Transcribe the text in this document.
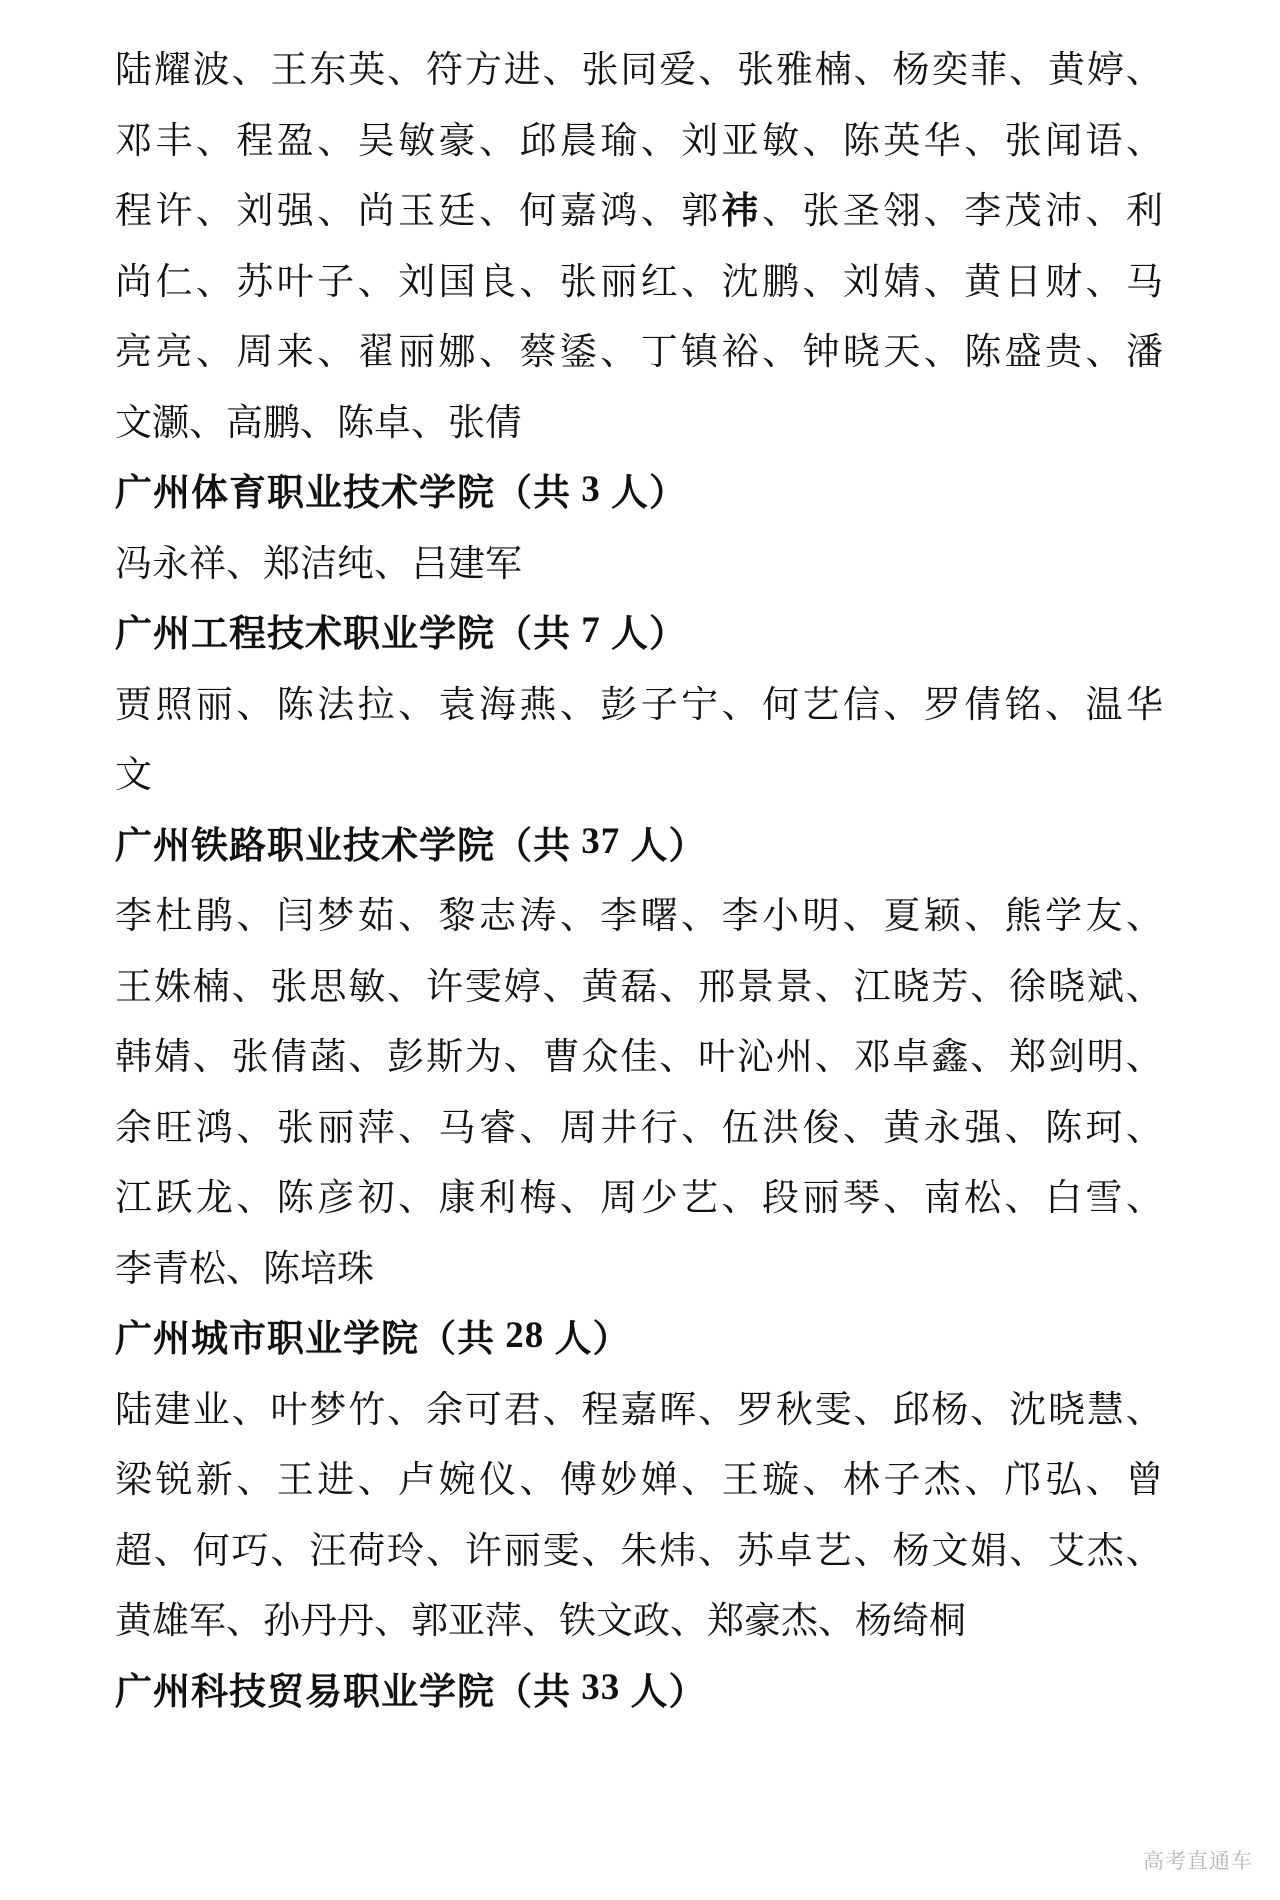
陆 耀 波 、 王 东 英 、 符 方 进 、 张 同 爱 、 张 雅 楠 、 杨 奕 菲 、 黄 婷 、
邓 丰 、 程 盈 、 吴 敏 豪 、 邱 晨 瑜 、 刘 亚 敏 、 陈 英 华 、 张 闻 语 、
程 许 、 刘 强 、 尚 玉 廷 、 何 嘉 鸿 、 郭 祎 、 张 圣 翎 、 李 茂 沛 、 利
尚 仁 、 苏 叶 子 、 刘 国 良 、 张 丽 红 、 沈 鹏 、 刘 婧 、 黄 日 财 、 马
亮 亮 、 周 来 、 翟 丽 娜 、 蔡 鋈 、 丁 镇 裕 、 钟 晓 天 、 陈 盛 贵 、 潘
文 灏 、 高 鹏 、 陈 卓 、 张 倩
广 州 体 育 职 业 技 术 学 院 （ 共
3
人 ）
冯 永 祥 、 郑 洁 纯 、 吕 建 军
广 州 工 程 技 术 职 业 学 院 （ 共
7
人 ）
贾 照 丽 、 陈 法 拉 、 袁 海 燕 、 彭 子 宁 、 何 艺 信 、 罗 倩 铭 、 温 华
文
广 州 铁 路 职 业 技 术 学 院 （ 共
37
人 ）
李 杜 鹃 、 闫 梦 茹 、 黎 志 涛 、 李 曙 、 李 小 明 、 夏 颖 、 熊 学 友 、
王 姝 楠 、 张 思 敏 、 许 雯 婷 、 黄 磊 、 邢 景 景 、 江 晓 芳 、 徐 晓 斌 、
韩 婧 、 张 倩 菡 、 彭 斯 为 、 曹 众 佳 、 叶 沁 州 、 邓 卓 鑫 、 郑 剑 明 、
余 旺 鸿 、 张 丽 萍 、 马 睿 、 周 井 行 、 伍 洪 俊 、 黄 永 强 、 陈 珂 、
江 跃 龙 、 陈 彦 初 、 康 利 梅 、 周 少 艺 、 段 丽 琴 、 南 松 、 白 雪 、
李 青 松 、 陈 培 珠
广 州 城 市 职 业 学 院 （ 共
28
人 ）
陆 建 业 、 叶 梦 竹 、 余 可 君 、 程 嘉 晖 、 罗 秋 雯 、 邱 杨 、 沈 晓 慧 、
梁 锐 新 、 王 进 、 卢 婉 仪 、 傅 妙 婵 、 王 璇 、 林 子 杰 、 邝 弘 、 曾
超 、 何 巧 、 汪 荷 玲 、 许 丽 雯 、 朱 炜 、 苏 卓 艺 、 杨 文 娟 、 艾 杰 、
黄 雄 军 、 孙 丹 丹 、 郭 亚 萍 、 铁 文 政 、 郑 豪 杰 、 杨 绮 桐
广 州 科 技 贸 易 职 业 学 院 （ 共
33
人 ）
高考直通车
